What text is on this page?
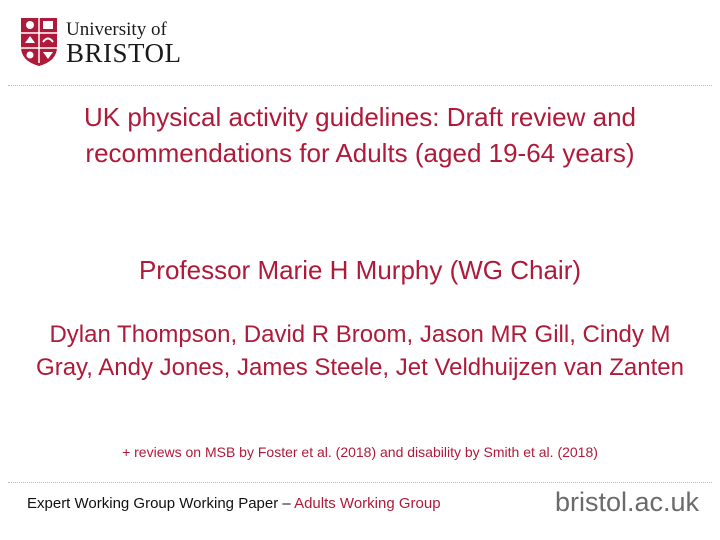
University of
BRISTOL
UK physical activity guidelines: Draft review and recommendations for Adults (aged 19-64 years)
Professor Marie H Murphy (WG Chair)
Dylan Thompson, David R Broom, Jason MR Gill, Cindy M Gray, Andy Jones, James Steele, Jet Veldhuijzen van Zanten
+ reviews on MSB by Foster et al. (2018) and disability by Smith et al. (2018)
Expert Working Group Working Paper – Adults Working Group	bristol.ac.uk
